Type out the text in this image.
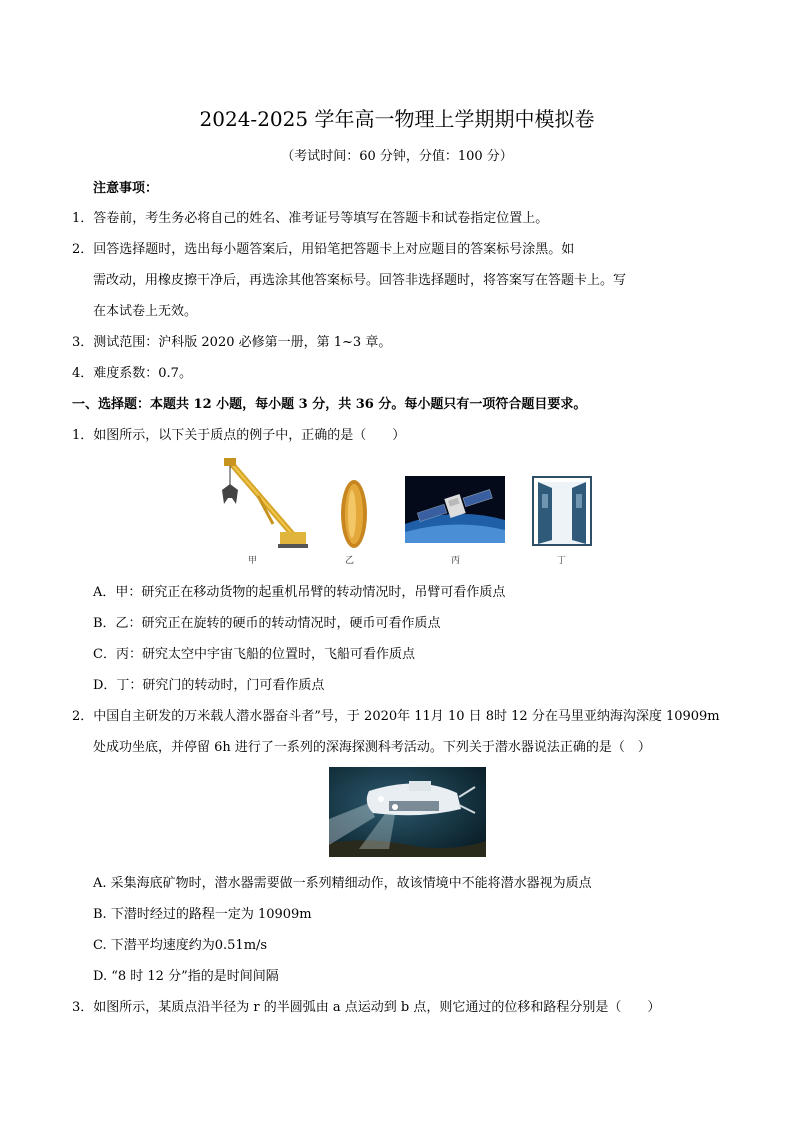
2024-2025 学年高一物理上学期期中模拟卷
（考试时间：60 分钟，分值：100 分）
注意事项：
1．答卷前，考生务必将自己的姓名、准考证号等填写在答题卡和试卷指定位置上。
2．回答选择题时，选出每小题答案后，用铅笔把答题卡上对应题目的答案标号涂黑。如
需改动，用橡皮擦干净后，再选涂其他答案标号。回答非选择题时，将答案写在答题卡上。写
在本试卷上无效。
3．测试范围：沪科版 2020 必修第一册，第 1~3 章。
4．难度系数：0.7。
一、选择题：本题共 12 小题，每小题 3 分，共 36 分。每小题只有一项符合题目要求。
1．如图所示，以下关于质点的例子中，正确的是（　　）
甲	乙	丙	丁
A．甲：研究正在移动货物的起重机吊臂的转动情况时，吊臂可看作质点
B．乙：研究正在旋转的硬币的转动情况时，硬币可看作质点
C．丙：研究太空中宇宙飞船的位置时，飞船可看作质点
D．丁：研究门的转动时，门可看作质点
2．中国自主研发的万米载人潜水器奋斗者”号，于 2020年 11月 10 日 8时 12 分在马里亚纳海沟深度 10909m
处成功坐底，并停留 6h 进行了一系列的深海探测科考活动。下列关于潜水器说法正确的是（　）
A. 采集海底矿物时，潜水器需要做一系列精细动作，故该情境中不能将潜水器视为质点
B. 下潜时经过的路程一定为 10909m
C. 下潜平均速度约为0.51m/s
D. “8 时 12 分”指的是时间间隔
3．如图所示，某质点沿半径为 r 的半圆弧由 a 点运动到 b 点，则它通过的位移和路程分别是（　　）
